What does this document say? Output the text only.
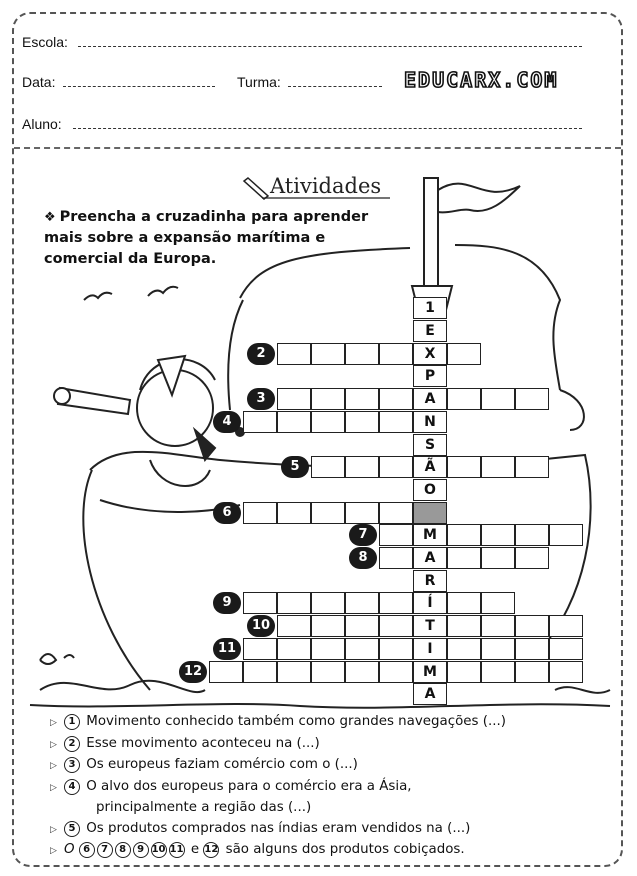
Escola:
Data:	Turma:	EDUCARX.COM
Aluno:
Atividades
❖ Preencha a cruzadinha para aprender mais sobre a expansão marítima e comercial da Europa.
1
2
3
4
5
6
7
8
9
10
11
12
E
X
P
A
N
S
Ã
O
M
A
R
Í
T
I
M
A
▷ 1 Movimento conhecido também como grandes navegações (...)
▷ 2 Esse movimento aconteceu na (...)
▷ 3 Os europeus faziam comércio com o (...)
▷ 4 O alvo dos europeus para o comércio era a Ásia,
principalmente a região das (...)
▷ 5 Os produtos comprados nas índias eram vendidos na (...)
▷ O 6 7 8 9 10 11 e 12 são alguns dos produtos cobiçados.
